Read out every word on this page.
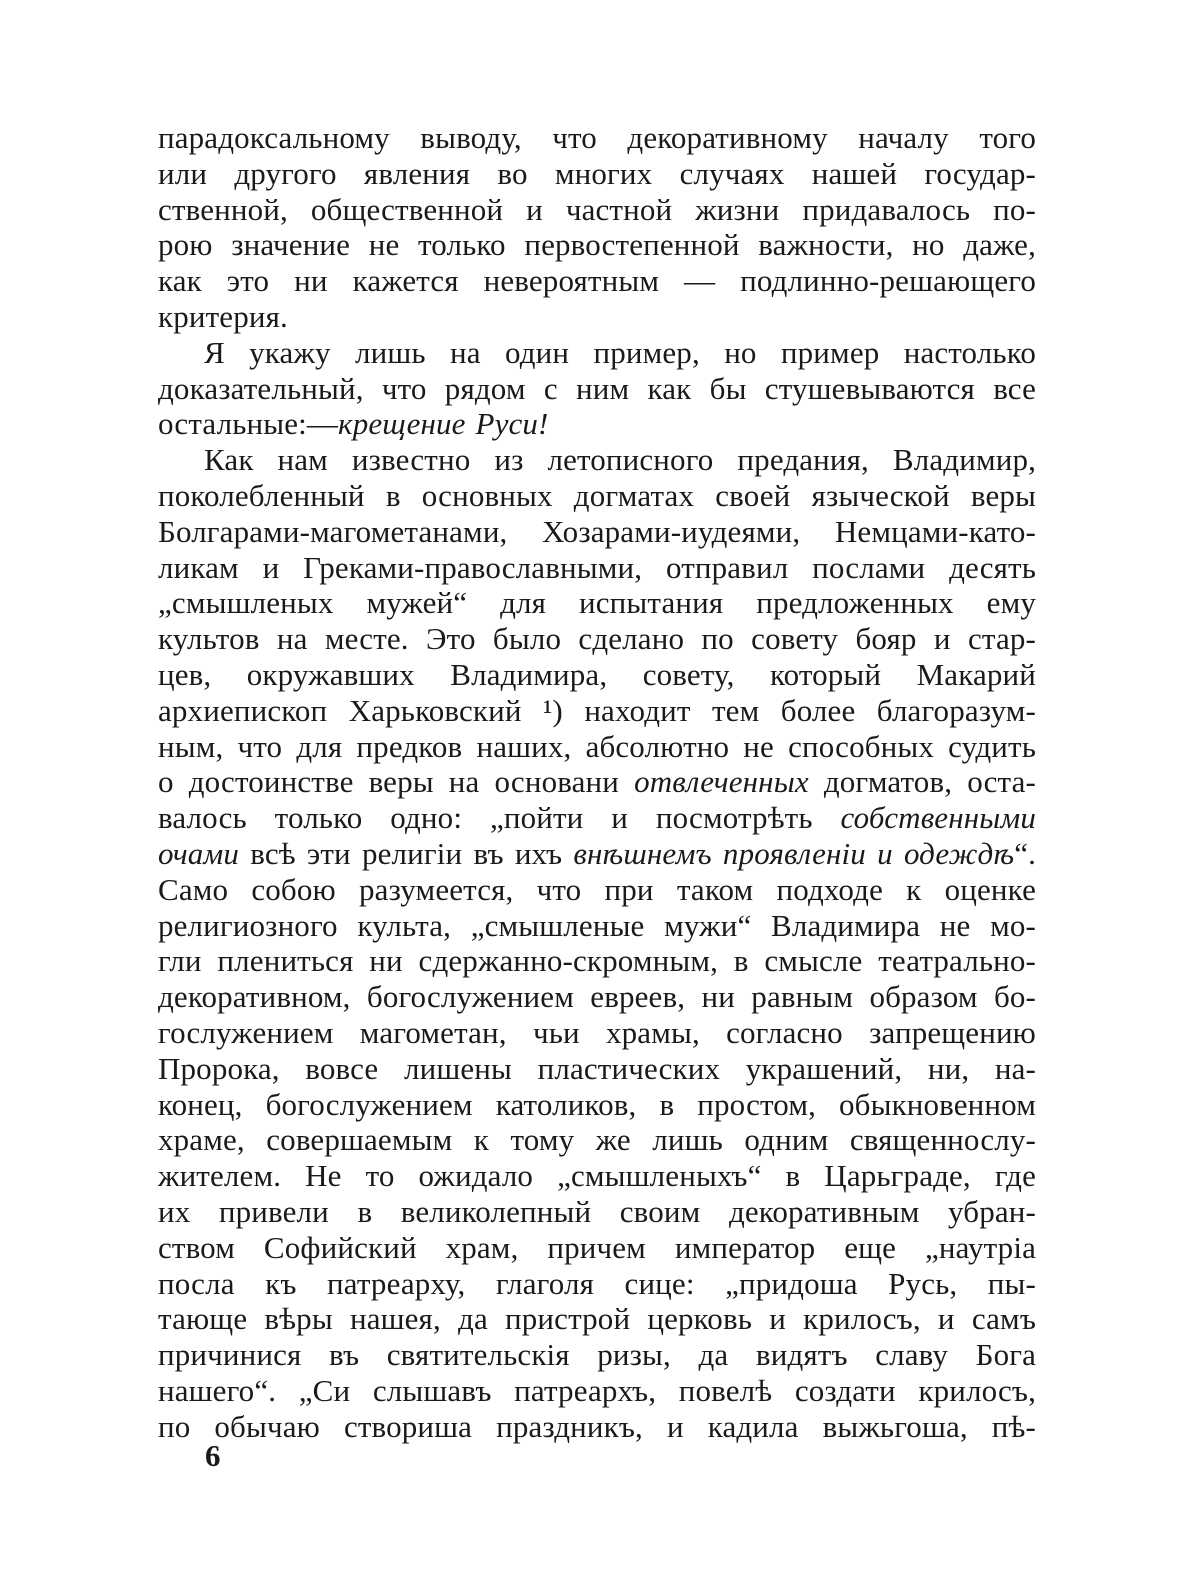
парадоксальному выводу, что декоративному началу того
или другого явления во многих случаях нашей государ-
ственной, общественной и частной жизни придавалось по-
рою значение не только первостепенной важности, но даже,
как это ни кажется невероятным — подлинно-решающего
критерия.
Я укажу лишь на один пример, но пример настолько
доказательный, что рядом с ним как бы стушевываются все
остальные:—крещение Руси!
Как нам известно из летописного предания, Владимир,
поколебленный в основных догматах своей языческой веры
Болгарами-магометанами, Хозарами-иудеями, Немцами-като-
ликам и Греками-православными, отправил послами десять
„смышленых мужей“ для испытания предложенных ему
культов на месте. Это было сделано по совету бояр и стар-
цев, окружавших Владимира, совету, который Макарий
архиепископ Харьковский ¹) находит тем более благоразум-
ным, что для предков наших, абсолютно не способных судить
о достоинстве веры на основани отвлеченных догматов, оста-
валось только одно: „пойти и посмотрѣть собственными
очами всѣ эти религіи въ ихъ внѣшнемъ проявленіи и одеждѣ“.
Само собою разумеется, что при таком подходе к оценке
религиозного культа, „смышленые мужи“ Владимира не мо-
гли плениться ни сдержанно-скромным, в смысле театрально-
декоративном, богослужением евреев, ни равным образом бо-
гослужением магометан, чьи храмы, согласно запрещению
Пророка, вовсе лишены пластических украшений, ни, на-
конец, богослужением католиков, в простом, обыкновенном
храме, совершаемым к тому же лишь одним священнослу-
жителем. Не то ожидало „смышленыхъ“ в Царьграде, где
их привели в великолепный своим декоративным убран-
ством Софийский храм, причем император еще „наутріа
посла къ патреарху, глаголя сице: „придоша Русь, пы-
тающе вѣры нашея, да пристрой церковь и крилосъ, и самъ
причинися въ святительскія ризы, да видятъ славу Бога
нашего“. „Си слышавъ патреархъ, повелѣ создати крилосъ,
по обычаю створиша праздникъ, и кадила выжьгоша, пѣ-
6
